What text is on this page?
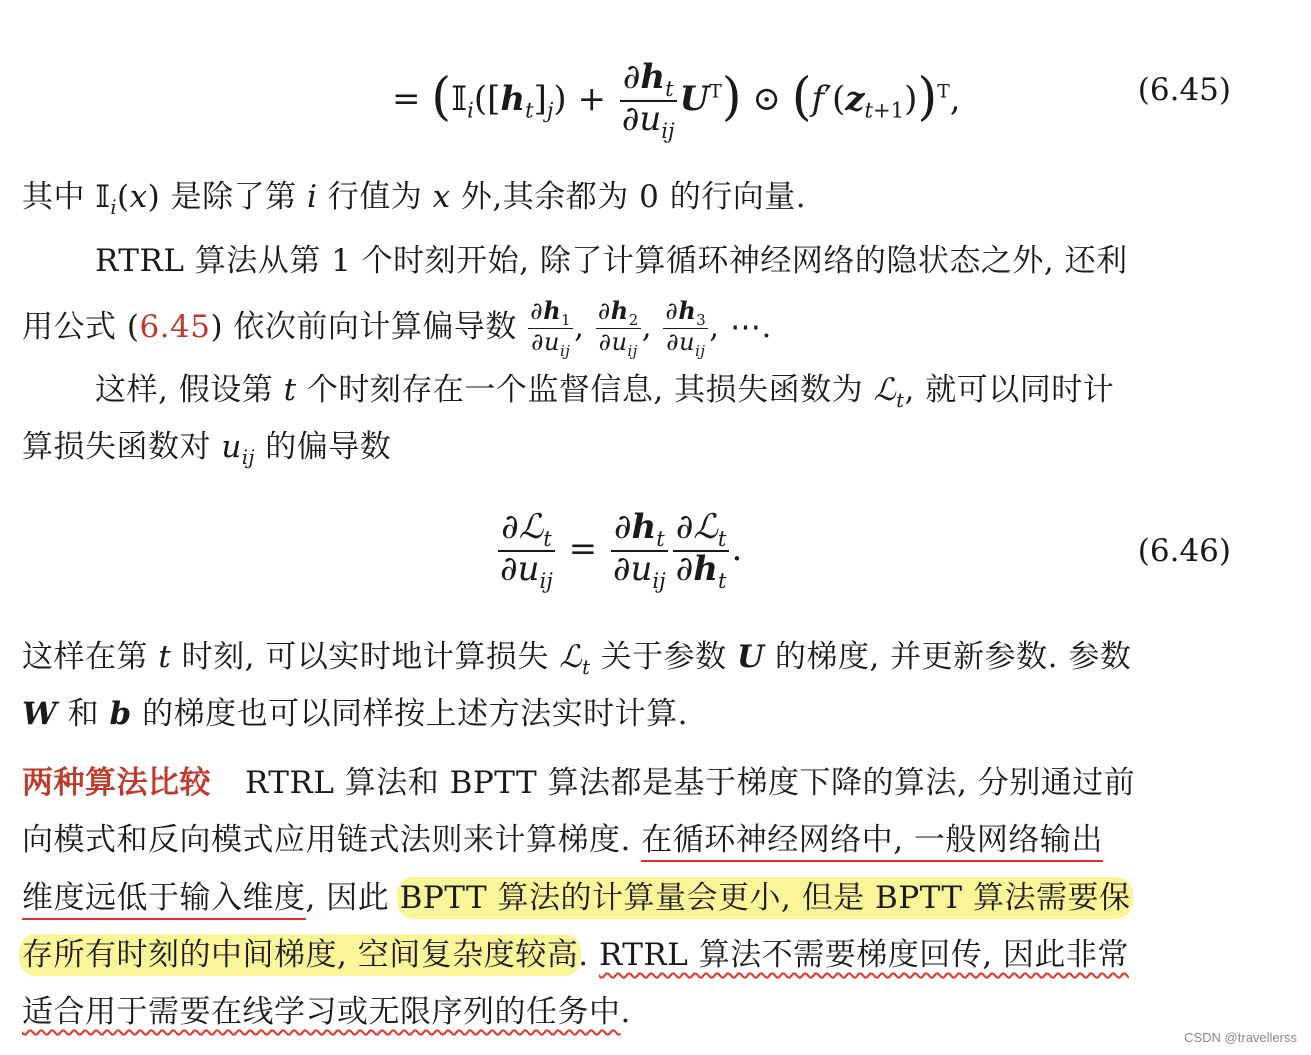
= $(𝕀_i([h_t]_j) + \frac{\partial h_t}{\partial u_{ij}} U^T)$ ⊙ $(f'(z_{t+1}))^T$,	(6.45)
其中 𝕀$_i$(x) 是除了第 i 行值为 x 外,其余都为 0 的行向量.
RTRL 算法从第 1 个时刻开始, 除了计算循环神经网络的隐状态之外, 还利
用公式 (6.45) 依次前向计算偏导数 $\partial h_1$
$\partial u_{ij}$
, $\partial h_2$
$\partial u_{ij}$
, $\partial h_3$
$\partial u_{ij}$
, ⋯.
这样, 假设第 t 个时刻存在一个监督信息, 其损失函数为 ℒ$_t$, 就可以同时计
算损失函数对 $u_{ij}$ 的偏导数
$\frac{\partial ℒ_t}{\partial u_{ij}} = \frac{\partial h_t}{\partial u_{ij}} \frac{\partial ℒ_t}{\partial h_t}$ .	(6.46)
这样在第 t 时刻, 可以实时地计算损失 ℒ$_t$ 关于参数 U 的梯度, 并更新参数. 参数
W 和 b 的梯度也可以同样按上述方法实时计算.
两种算法比较 RTRL 算法和 BPTT 算法都是基于梯度下降的算法, 分别通过前
向模式和反向模式应用链式法则来计算梯度. 在循环神经网络中, 一般网络输出
维度远低于输入维度, 因此 BPTT 算法的计算量会更小, 但是 BPTT 算法需要保
存所有时刻的中间梯度, 空间复杂度较高. RTRL 算法不需要梯度回传, 因此非常
适合用于需要在线学习或无限序列的任务中.
CSDN @travellerss
